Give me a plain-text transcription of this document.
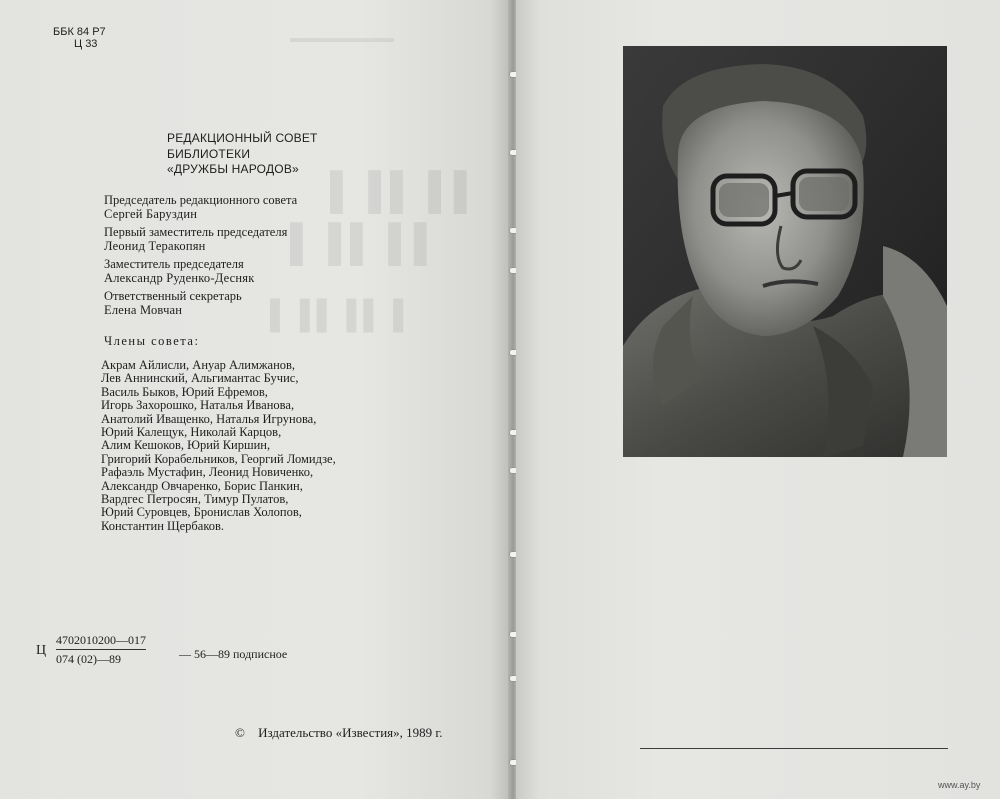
▬▬▬▬▬▬▬▬
▌▐ ▌▐▐
▌▐ ▌▐▐
▌▐ ▌▐ ▌▐
ББК 84 Р7
Ц 33
РЕДАКЦИОННЫЙ СОВЕТ
БИБЛИОТЕКИ
«ДРУЖБЫ НАРОДОВ»
Председатель редакционного совета
Сергей Баруздин
Первый заместитель председателя
Леонид Теракопян
Заместитель председателя
Александр Руденко-Десняк
Ответственный секретарь
Елена Мовчан
Члены совета:
Акрам Айлисли, Ануар Алимжанов,
Лев Аннинский, Альгимантас Бучис,
Василь Быков, Юрий Ефремов,
Игорь Захорошко, Наталья Иванова,
Анатолий Иващенко, Наталья Игрунова,
Юрий Калещук, Николай Карцов,
Алим Кешоков, Юрий Киршин,
Григорий Корабельников, Георгий Ломидзе,
Рафаэль Мустафин, Леонид Новиченко,
Александр Овчаренко, Борис Панкин,
Вардгес Петросян, Тимур Пулатов,
Юрий Суровцев, Бронислав Холопов,
Константин Щербаков.
Ц
4702010200—017
074 (02)—89	— 56—89 подписное
© Издательство «Известия», 1989 г.
www.ay.by
